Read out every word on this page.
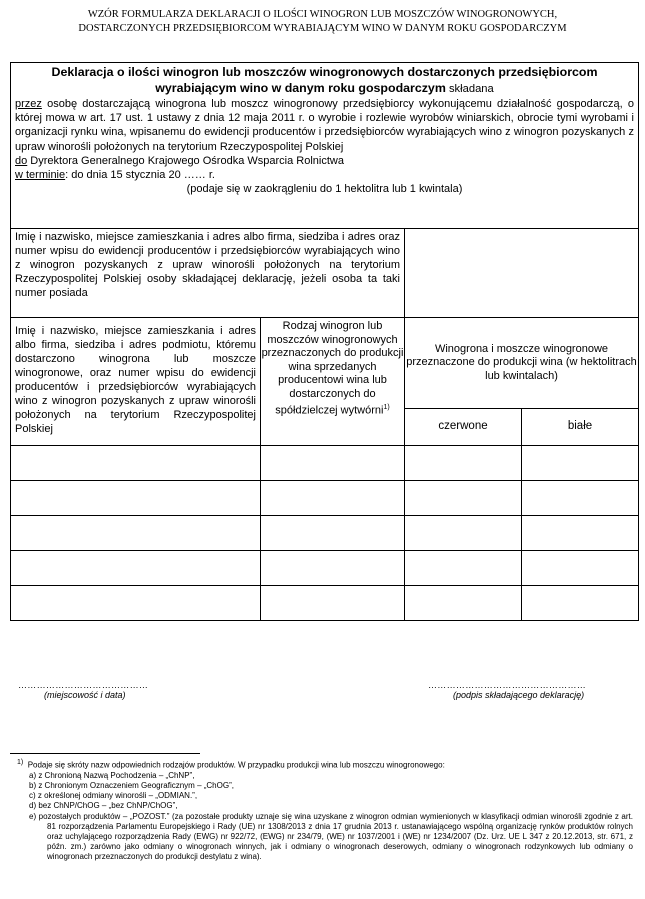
WZÓR FORMULARZA DEKLARACJI O ILOŚCI WINOGRON LUB MOSZCZÓW WINOGRONOWYCH,
DOSTARCZONYCH PRZEDSIĘBIORCOM WYRABIAJĄCYM WINO W DANYM ROKU GOSPODARCZYM
Deklaracja o ilości winogron lub moszczów winogronowych dostarczonych przedsiębiorcom wyrabiającym wino w danym roku gospodarczym składana
przez osobę dostarczającą winogrona lub moszcz winogronowy przedsiębiorcy wykonującemu działalność gospodarczą, o której mowa w art. 17 ust. 1 ustawy z dnia 12 maja 2011 r. o wyrobie i rozlewie wyrobów winiarskich, obrocie tymi wyrobami i organizacji rynku wina, wpisanemu do ewidencji producentów i przedsiębiorców wyrabiających wino z winogron pozyskanych z upraw winorośli położonych na terytorium Rzeczypospolitej Polskiej
do Dyrektora Generalnego Krajowego Ośrodka Wsparcia Rolnictwa
w terminie: do dnia 15 stycznia 20 …… r.
(podaje się w zaokrągleniu do 1 hektolitra lub 1 kwintala)			

Imię i nazwisko, miejsce zamieszkania i adres albo firma, siedziba i adres oraz numer wpisu do ewidencji producentów i przedsiębiorców wyrabiających wino z winogron pozyskanych z upraw winorośli położonych na terytorium Rzeczypospolitej Polskiej osoby składającej deklarację, jeżeli osoba ta taki numer posiada			
Imię i nazwisko, miejsce zamieszkania i adres albo firma, siedziba i adres podmiotu, któremu dostarczono winogrona lub moszcze winogronowe, oraz numer wpisu do ewidencji producentów i przedsiębiorców wyrabiających wino z winogron pozyskanych z upraw winorośli położonych na terytorium Rzeczypospolitej Polskiej	Rodzaj winogron lub moszczów winogronowych przeznaczonych do produkcji wina sprzedanych producentowi wina lub dostarczonych do spółdzielczej wytwórni$^{1)}$	Winogrona i moszcze winogronowe przeznaczone do produkcji wina (w hektolitrach lub kwintalach)	
		czerwone	białe

……………………………………	……………………………………………
(miejscowość i data)	(podpis składającego deklarację)
$^{1)}$ Podaje się skróty nazw odpowiednich rodzajów produktów. W przypadku produkcji wina lub moszczu winogronowego:
a) z Chronioną Nazwą Pochodzenia – „ChNP”,
b) z Chronionym Oznaczeniem Geograficznym – „ChOG”,
c) z określonej odmiany winorośli – „ODMIAN.”,
d) bez ChNP/ChOG – „bez ChNP/ChOG”,
e) pozostałych produktów – „POZOST.” (za pozostałe produkty uznaje się wina uzyskane z winogron odmian wymienionych w klasyfikacji odmian winorośli zgodnie z art. 81 rozporządzenia Parlamentu Europejskiego i Rady (UE) nr 1308/2013 z dnia 17 grudnia 2013 r. ustanawiającego wspólną organizację rynków produktów rolnych oraz uchylającego rozporządzenia Rady (EWG) nr 922/72, (EWG) nr 234/79, (WE) nr 1037/2001 i (WE) nr 1234/2007 (Dz. Urz. UE L 347 z 20.12.2013, str. 671, z późn. zm.) zarówno jako odmiany o winogronach winnych, jak i odmiany o winogronach deserowych, odmiany o winogronach rodzynkowych lub odmiany o winogronach przeznaczonych do produkcji destylatu z wina).
